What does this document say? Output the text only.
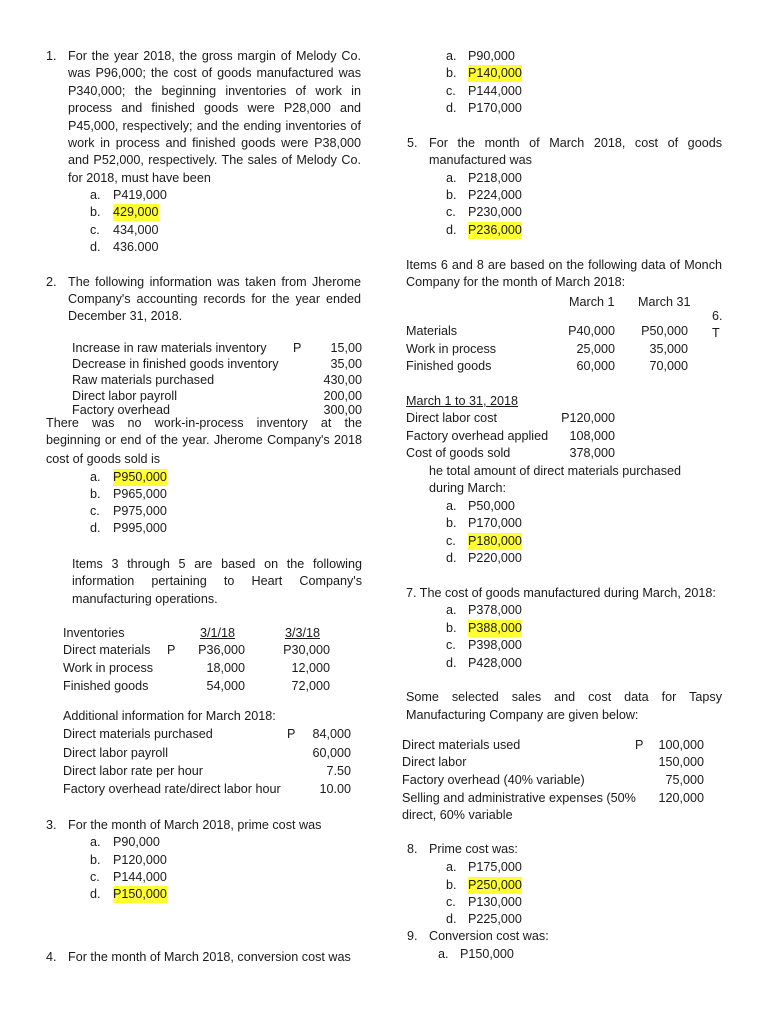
1. For the year 2018, the gross margin of Melody Co.
was P96,000; the cost of goods manufactured was
P340,000; the beginning inventories of work in
process and finished goods were P28,000 and
P45,000, respectively; and the ending inventories of
work in process and finished goods were P38,000
and P52,000, respectively. The sales of Melody Co.
for 2018, must have been
a. P419,000
b. 429,000
c. 434,000
d. 436.000
2. The following information was taken from Jherome
Company's accounting records for the year ended
December 31, 2018.
Increase in raw materials inventory P	15,00
Decrease in finished goods inventory	35,00
Raw materials purchased	430,00
Direct labor payroll	200,00
Factory overhead	300,00
There was no work-in-process inventory at the
beginning or end of the year. Jherome Company's 2018
cost of goods sold is
a. P950,000
b. P965,000
c. P975,000
d. P995,000
Items 3 through 5 are based on the following
information pertaining to Heart Company's
manufacturing operations.
Inventories	3/1/18	3/3/18
Direct materials P	P36,000	P30,000
Work in process	18,000	12,000
Finished goods	54,000	72,000
Additional information for March 2018:
Direct materials purchased	P	84,000
Direct labor payroll	60,000
Direct labor rate per hour	7.50
Factory overhead rate/direct labor hour	10.00
3. For the month of March 2018, prime cost was
a. P90,000
b. P120,000
c. P144,000
d. P150,000
4. For the month of March 2018, conversion cost was
a. P90,000
b. P140,000
c. P144,000
d. P170,000
5. For the month of March 2018, cost of goods
manufactured was
a. P218,000
b. P224,000
c. P230,000
d. P236,000
Items 6 and 8 are based on the following data of Monch
Company for the month of March 2018:
March 1 March 31
Materials	P40,000	P50,000
Work in process	25,000	35,000
Finished goods	60,000	70,000
March 1 to 31, 2018
Direct labor cost	P120,000
Factory overhead applied	108,000
Cost of goods sold	378,000
6.
T
he total amount of direct materials purchased
during March:
a. P50,000
b. P170,000
c. P180,000
d. P220,000
7. The cost of goods manufactured during March, 2018:
a. P378,000
b. P388,000
c. P398,000
d. P428,000
Some selected sales and cost data for Tapsy
Manufacturing Company are given below:
Direct materials used	P	100,000
Direct labor	150,000
Factory overhead (40% variable)	75,000
Selling and administrative expenses (50%	120,000
direct, 60% variable
8. Prime cost was:
a. P175,000
b. P250,000
c. P130,000
d. P225,000
9. Conversion cost was:
a. P150,000
